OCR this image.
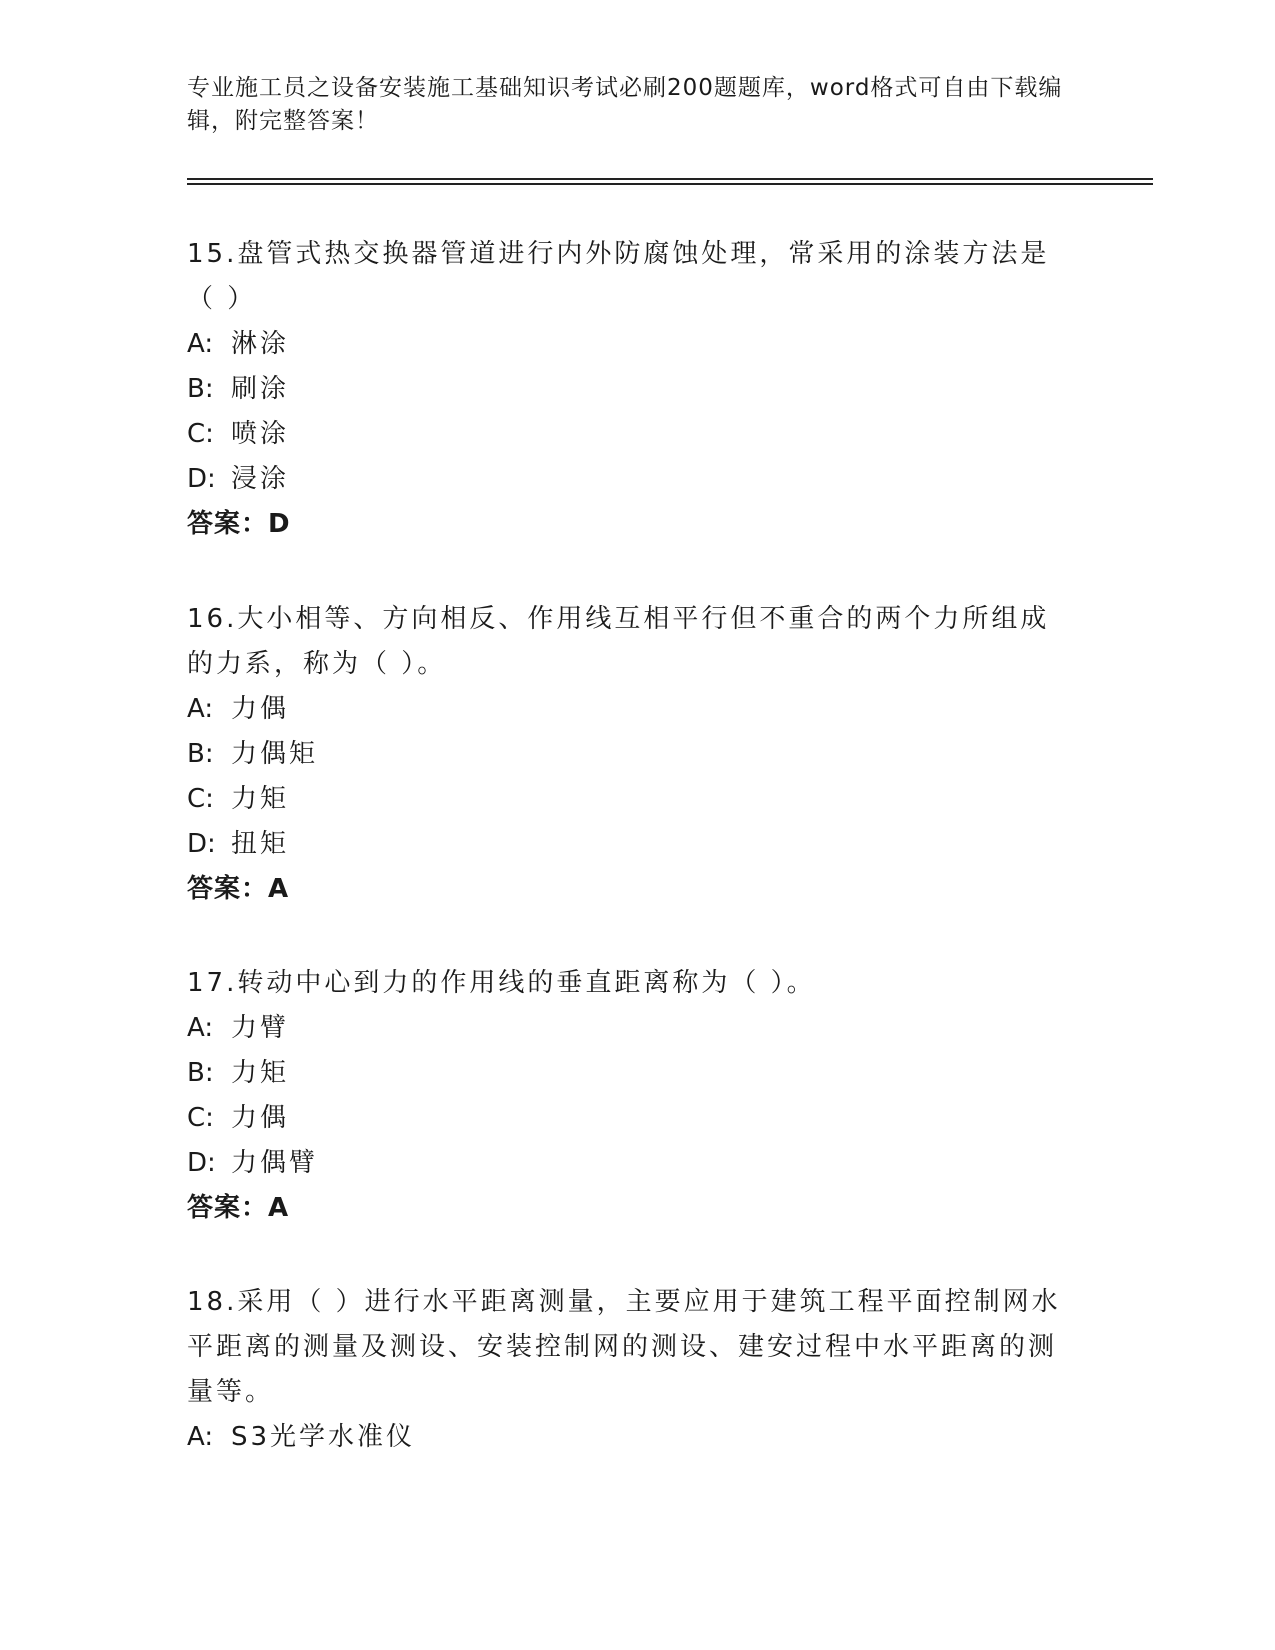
专业施工员之设备安装施工基础知识考试必刷200题题库，word格式可自由下载编辑，附完整答案！

15.盘管式热交换器管道进行内外防腐蚀处理，常采用的涂装方法是（ ）

A: 淋涂

B: 刷涂

C: 喷涂

D: 浸涂

答案：D

16.大小相等、方向相反、作用线互相平行但不重合的两个力所组成的力系，称为（ ）。

A: 力偶

B: 力偶矩

C: 力矩

D: 扭矩

答案：A

17.转动中心到力的作用线的垂直距离称为（ ）。

A: 力臂

B: 力矩

C: 力偶

D: 力偶臂

答案：A

18.采用（ ）进行水平距离测量，主要应用于建筑工程平面控制网水平距离的测量及测设、安装控制网的测设、建安过程中水平距离的测量等。

A: S3光学水准仪
